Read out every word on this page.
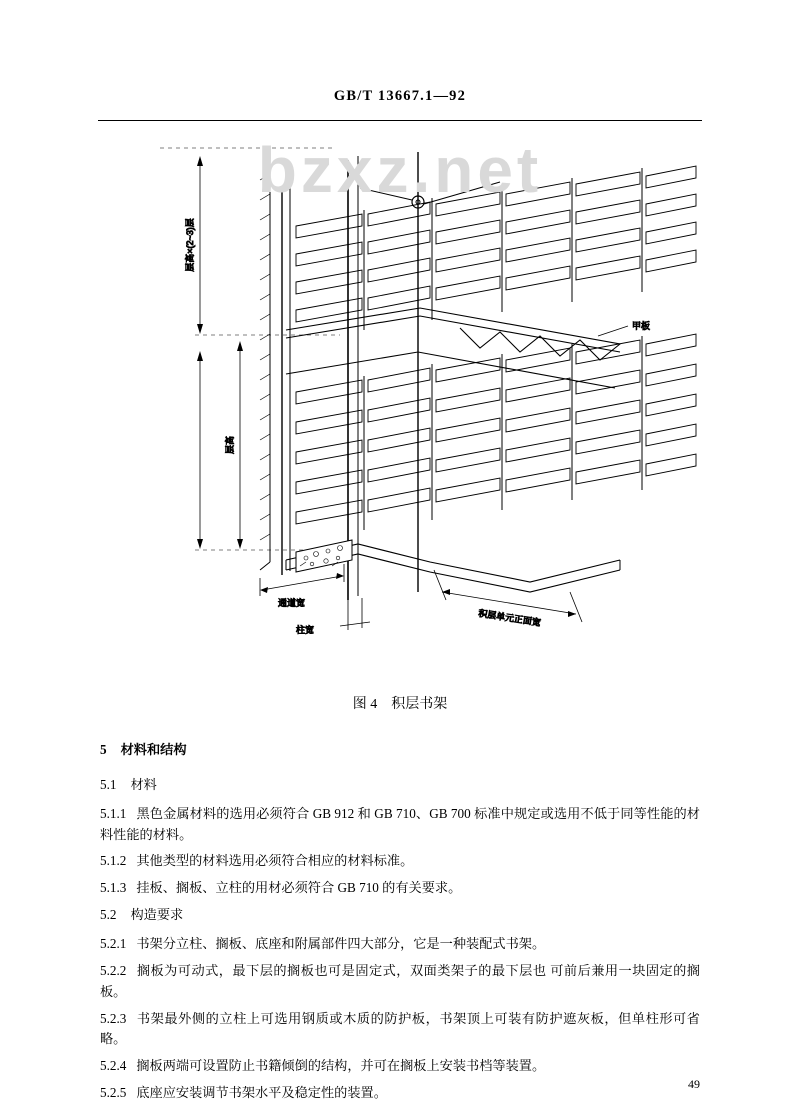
GB/T 13667.1—92
层高×(2~3)层
层高
甲板
通道宽
柱宽
积层单元正面宽
bzxz.net
图 4 积层书架

5 材料和结构

5.1 材料

5.1.1 黑色金属材料的选用必须符合 GB 912 和 GB 710、GB 700 标准中规定或选用不低于同等性能的材料性能的材料。

5.1.2 其他类型的材料选用必须符合相应的材料标准。

5.1.3 挂板、搁板、立柱的用材必须符合 GB 710 的有关要求。

5.2 构造要求

5.2.1 书架分立柱、搁板、底座和附属部件四大部分，它是一种装配式书架。

5.2.2 搁板为可动式，最下层的搁板也可是固定式，双面类架子的最下层也 可前后兼用一块固定的搁板。

5.2.3 书架最外侧的立柱上可选用钢质或木质的防护板，书架顶上可装有防护遮灰板，但单柱形可省略。

5.2.4 搁板两端可设置防止书籍倾倒的结构，并可在搁板上安装书档等装置。

5.2.5 底座应安装调节书架水平及稳定性的装置。

49
